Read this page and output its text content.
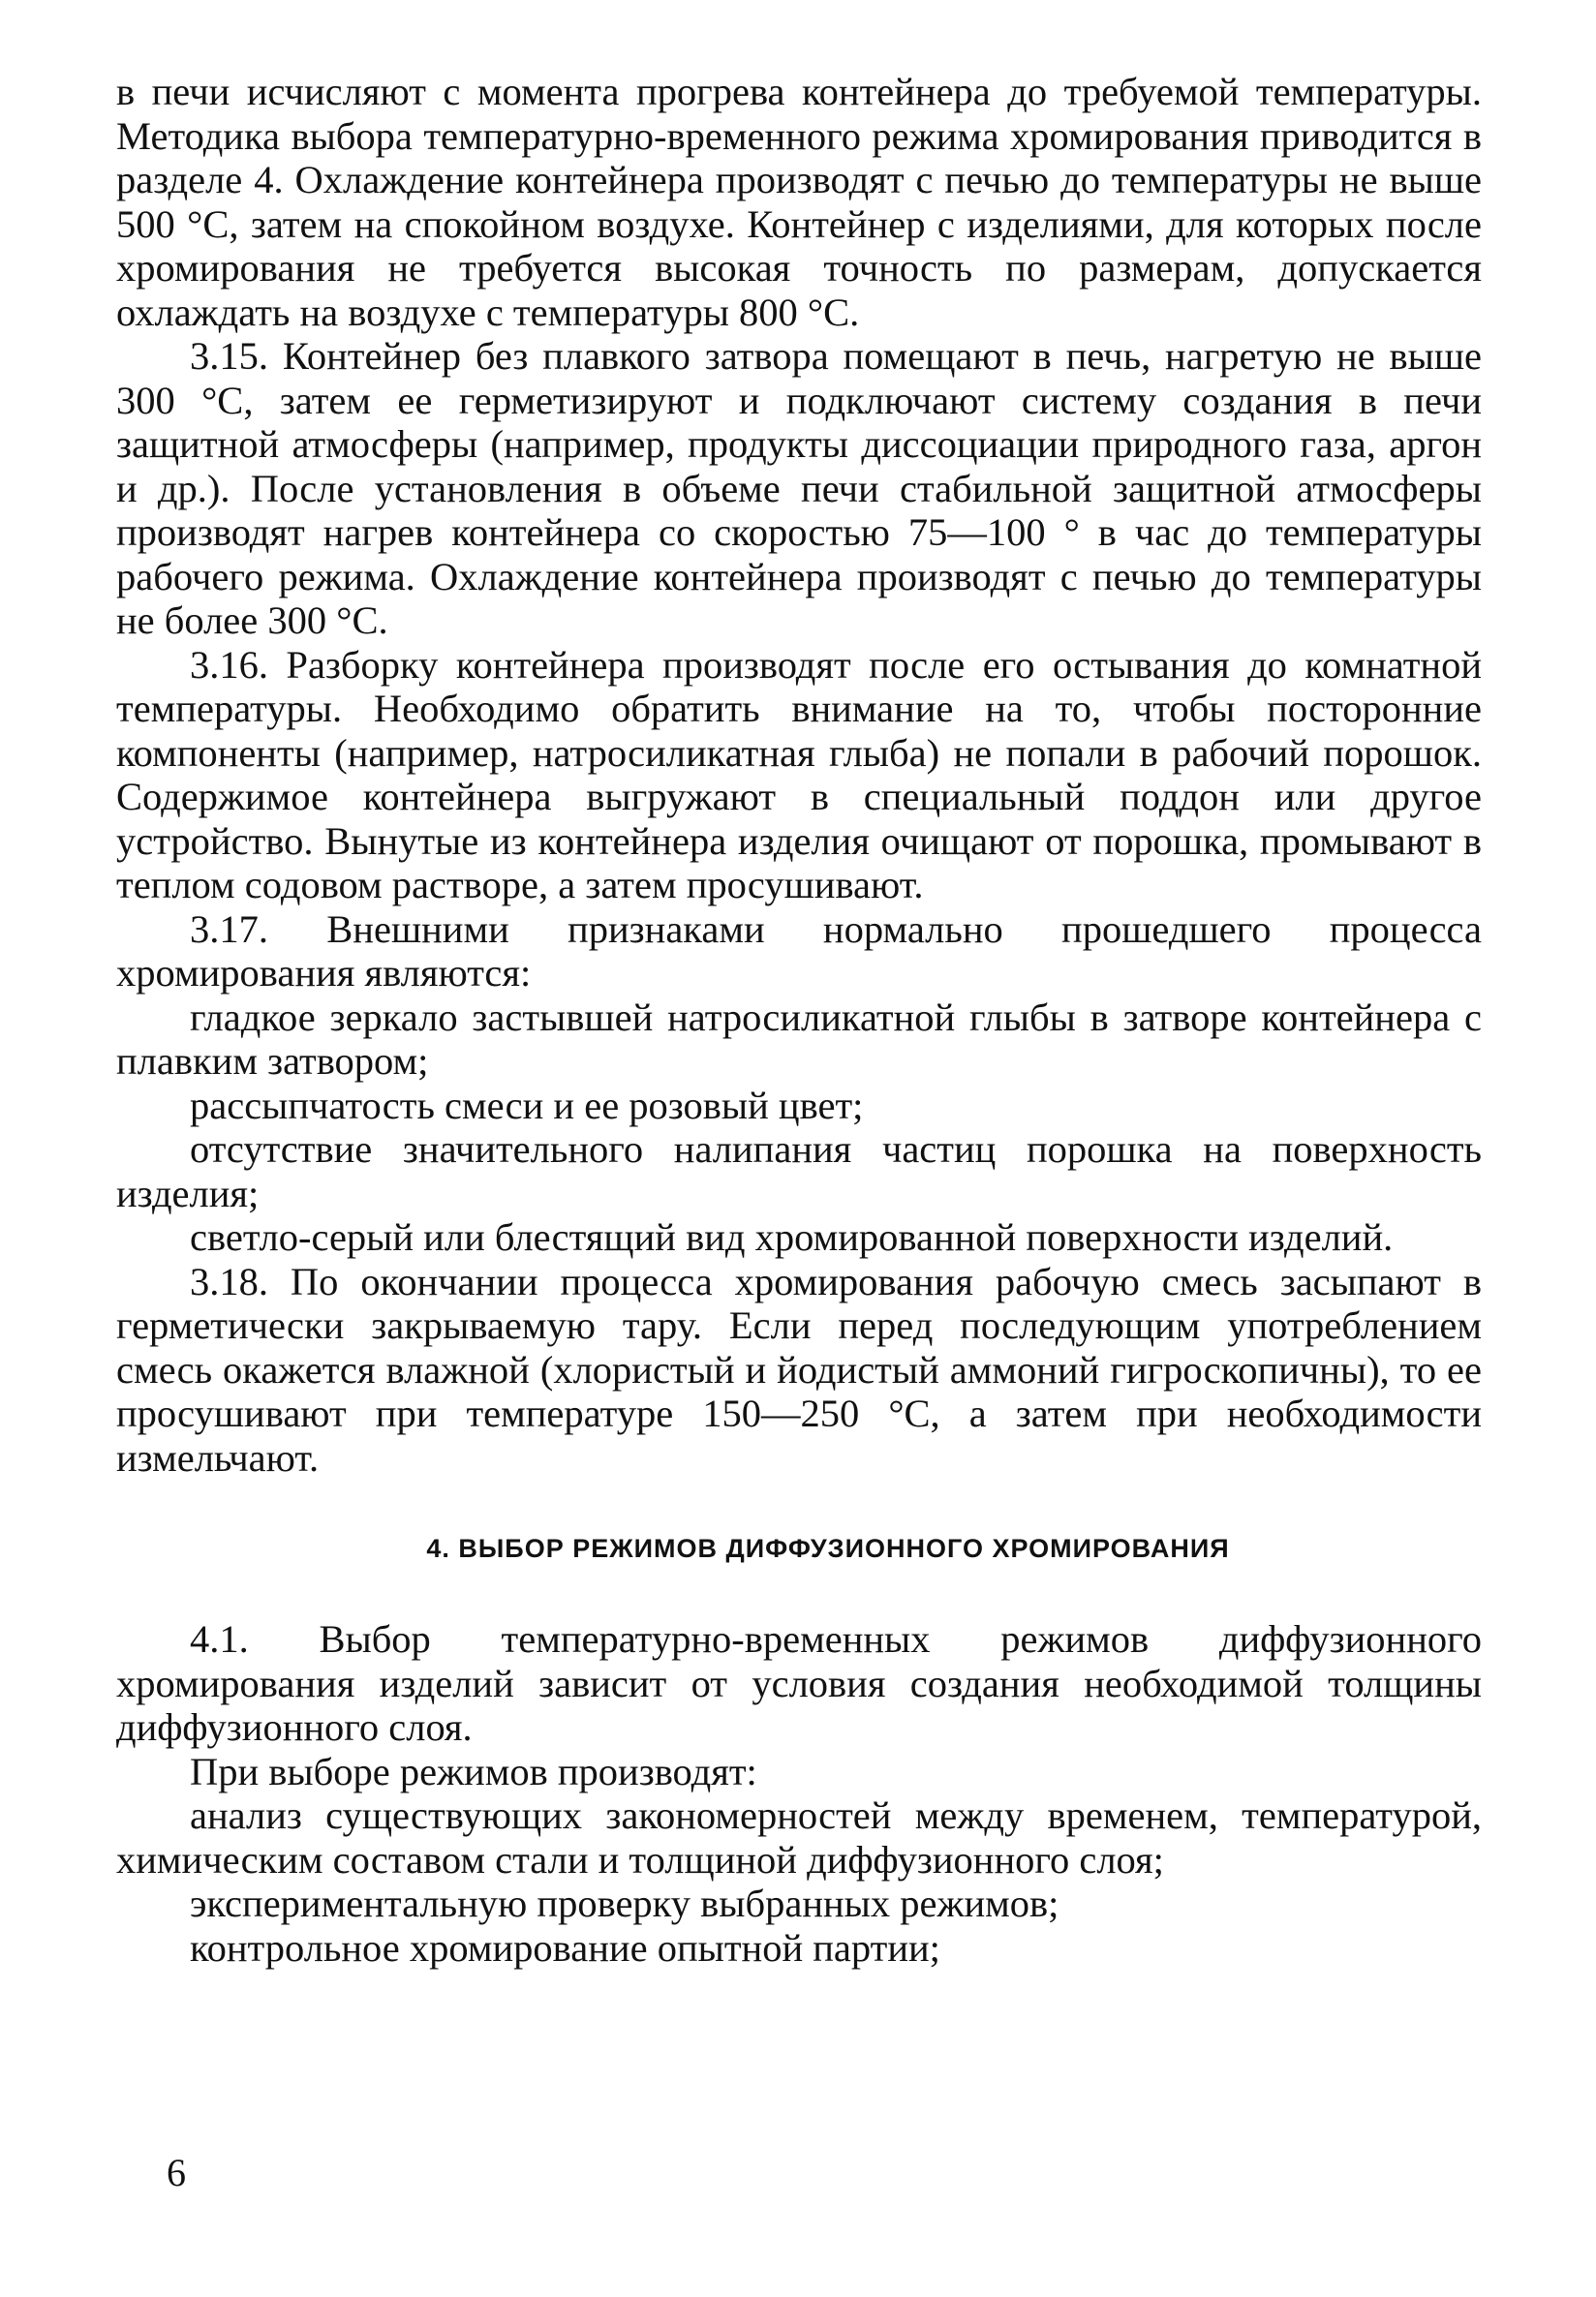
в печи исчисляют с момента прогрева контейнера до требуемой температуры. Методика выбора температурно-временного режима хромирования приводится в разделе 4. Охлаждение контейнера производят с печью до температуры не выше 500 °С, затем на спокойном воздухе. Контейнер с изделиями, для которых после хромирования не требуется высокая точность по размерам, допускается охлаждать на воздухе с температуры 800 °С.

3.15. Контейнер без плавкого затвора помещают в печь, нагретую не выше 300 °С, затем ее герметизируют и подключают систему создания в печи защитной атмосферы (например, продукты диссоциации природного газа, аргон и др.). После установления в объеме печи стабильной защитной атмосферы производят нагрев контейнера со скоростью 75—100 ° в час до температуры рабочего режима. Охлаждение контейнера производят с печью до температуры не более 300 °С.

3.16. Разборку контейнера производят после его остывания до комнатной температуры. Необходимо обратить внимание на то, чтобы посторонние компоненты (например, натросиликатная глыба) не попали в рабочий порошок. Содержимое контейнера выгружают в специальный поддон или другое устройство. Вынутые из контейнера изделия очищают от порошка, промывают в теплом содовом растворе, а затем просушивают.

3.17. Внешними признаками нормально прошедшего процесса хромирования являются:

гладкое зеркало застывшей натросиликатной глыбы в затворе контейнера с плавким затвором;

рассыпчатость смеси и ее розовый цвет;

отсутствие значительного налипания частиц порошка на поверхность изделия;

светло-серый или блестящий вид хромированной поверхности изделий.

3.18. По окончании процесса хромирования рабочую смесь засыпают в герметически закрываемую тару. Если перед последующим употреблением смесь окажется влажной (хлористый и йодистый аммоний гигроскопичны), то ее просушивают при температуре 150—250 °С, а затем при необходимости измельчают.

4. ВЫБОР РЕЖИМОВ ДИФФУЗИОННОГО ХРОМИРОВАНИЯ

4.1. Выбор температурно-временных режимов диффузионного хромирования изделий зависит от условия создания необходимой толщины диффузионного слоя.

При выборе режимов производят:

анализ существующих закономерностей между временем, температурой, химическим составом стали и толщиной диффузионного слоя;

экспериментальную проверку выбранных режимов;

контрольное хромирование опытной партии;

6
